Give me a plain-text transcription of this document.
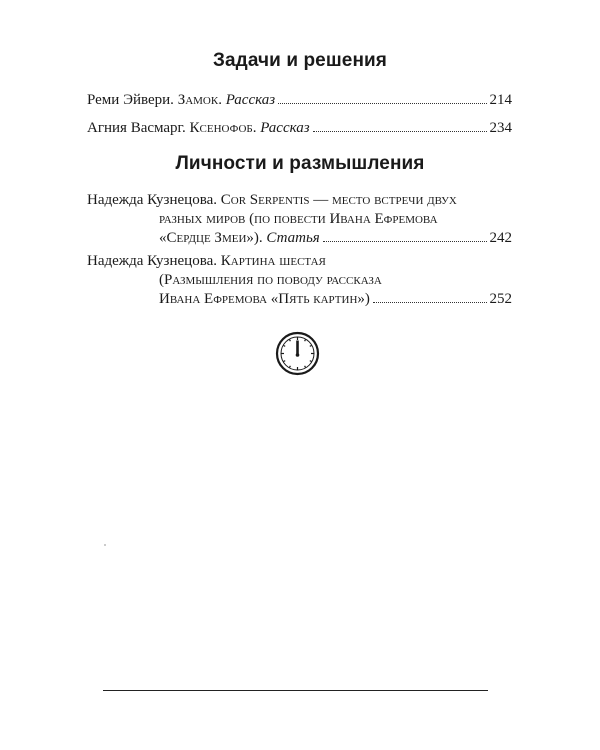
Задачи и решения
Реми Эйвери.
Замок.
Рассказ	214
Агния Васмарг.
Ксенофоб.
Рассказ	234
Личности и размышления
Надежда Кузнецова.
Cor Serpentis — место встречи двух
разных миров (по повести Ивана Ефремова
«Сердце Змеи»).
Статья	242
Надежда Кузнецова.
Картина шестая
(Размышления по поводу рассказа
Ивана Ефремова «Пять картин»)	252
